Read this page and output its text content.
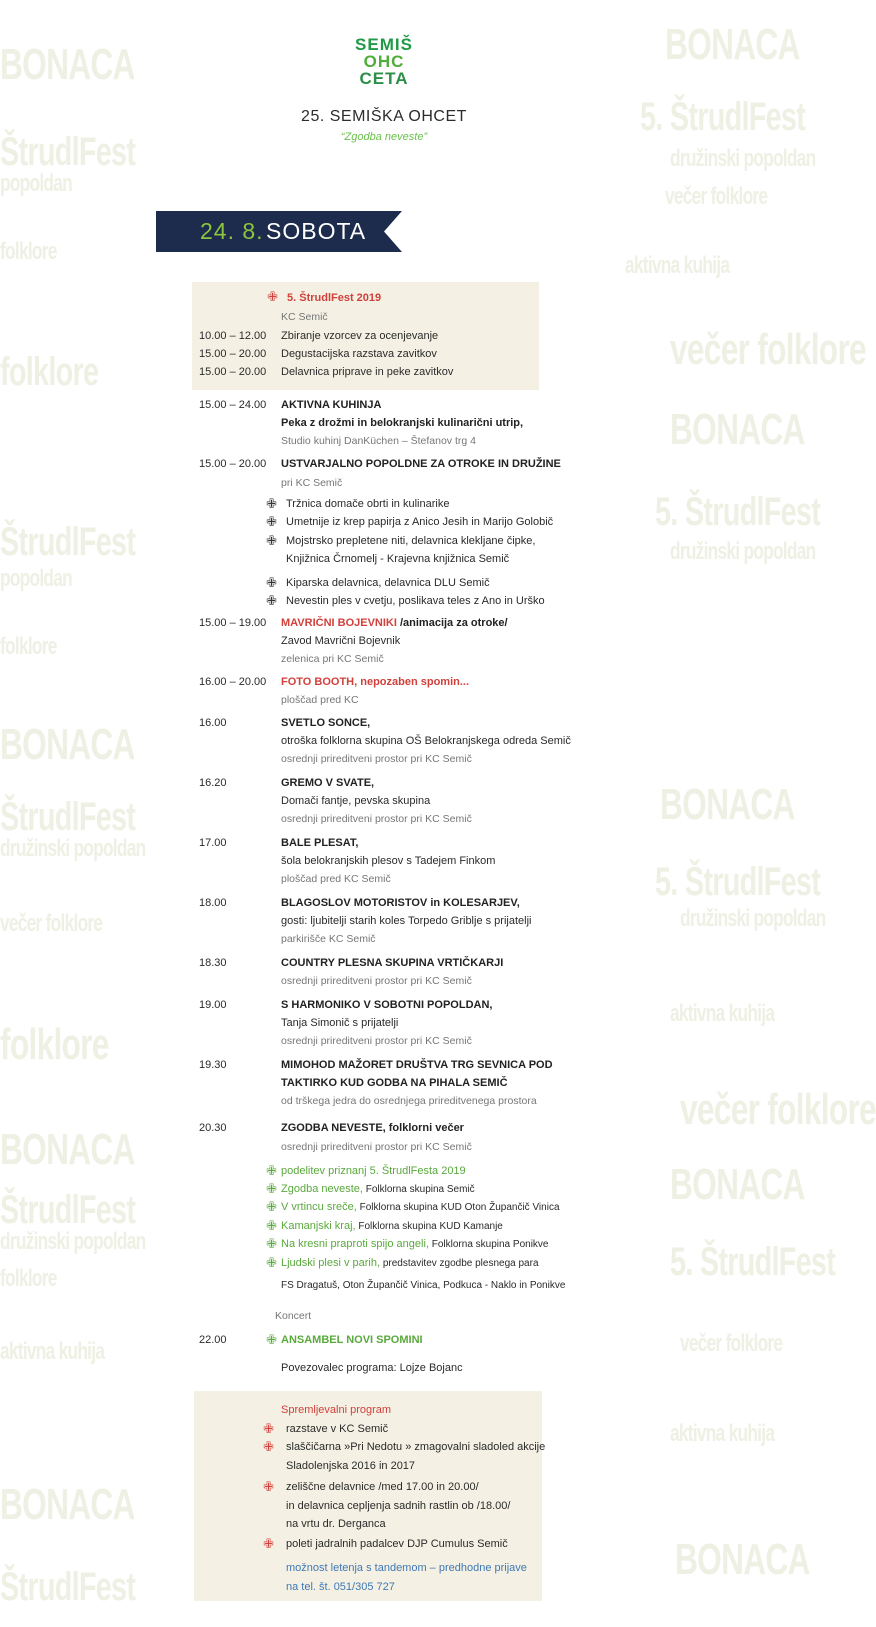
BONACA
5. ŠtrudlFest
družinski popoldan
večer folklore
aktivna kuhija
BONACA
ŠtrudlFest
popoldan
folklore
folklore	večer folklore
BONACA
5. ŠtrudlFest
družinski popoldan
ŠtrudlFest
popoldan
folklore
BONACA
ŠtrudlFest
družinski popoldan
večer folklore
folklore
BONACA
5. ŠtrudlFest
družinski popoldan
aktivna kuhija
večer folklore
BONACA
ŠtrudlFest
družinski popoldan
folklore
aktivna kuhija
BONACA
5. ŠtrudlFest
večer folklore
BONACA
ŠtrudlFest
aktivna kuhija
BONACA
SEMIŠ
OHC
CETA
25. SEMIŠKA OHCET
“Zgodba neveste”
24. 8. SOBOTA
✙ 5. ŠtrudlFest 2019
KC Semič
10.00 – 12.00 Zbiranje vzorcev za ocenjevanje
15.00 – 20.00 Degustacijska razstava zavitkov
15.00 – 20.00 Delavnica priprave in peke zavitkov
15.00 – 24.00 AKTIVNA KUHINJA
Peka z drožmi in belokranjski kulinarični utrip,
Studio kuhinj DanKüchen – Štefanov trg 4
15.00 – 20.00 USTVARJALNO POPOLDNE ZA OTROKE IN DRUŽINE
pri KC Semič
✙ Tržnica domače obrti in kulinarike
✙ Umetnije iz krep papirja z Anico Jesih in Marijo Golobič
✙ Mojstrsko prepletene niti, delavnica klekljane čipke,
Knjižnica Črnomelj - Krajevna knjižnica Semič
✙ Kiparska delavnica, delavnica DLU Semič
✙ Nevestin ples v cvetju, poslikava teles z Ano in Urško
15.00 – 19.00 MAVRIČNI BOJEVNIKI /animacija za otroke/
Zavod Mavrični Bojevnik
zelenica pri KC Semič
16.00 – 20.00 FOTO BOOTH, nepozaben spomin...
ploščad pred KC
16.00	SVETLO SONCE,
otroška folklorna skupina OŠ Belokranjskega odreda Semič
osrednji prireditveni prostor pri KC Semič
16.20	GREMO V SVATE,
Domači fantje, pevska skupina
osrednji prireditveni prostor pri KC Semič
17.00	BALE PLESAT,
šola belokranjskih plesov s Tadejem Finkom
ploščad pred KC Semič
18.00	BLAGOSLOV MOTORISTOV in KOLESARJEV,
gosti: ljubitelji starih koles Torpedo Gribljе s prijatelji
parkirišče KC Semič
18.30	COUNTRY PLESNA SKUPINA VRTIČKARJI
osrednji prireditveni prostor pri KC Semič
19.00	S HARMONIKO V SOBOTNI POPOLDAN,
Tanja Simonič s prijatelji
osrednji prireditveni prostor pri KC Semič
19.30	MIMOHOD MAŽORET DRUŠTVA TRG SEVNICA POD
TAKTIRKO KUD GODBA NA PIHALA SEMIČ
od trškega jedra do osrednjega prireditvenega prostora
20.30	ZGODBA NEVESTE, folklorni večer
osrednji prireditveni prostor pri KC Semič
✙ podelitev priznanj 5. ŠtrudlFesta 2019
✙ Zgodba neveste, Folklorna skupina Semič
✙ V vrtincu sreče, Folklorna skupina KUD Oton Župančič Vinica
✙ Kamanjski kraj, Folklorna skupina KUD Kamanje
✙ Na kresni praproti spijo angeli, Folklorna skupina Ponikve
✙ Ljudski plesi v parih, predstavitev zgodbe plesnega para
FS Dragatuš, Oton Župančič Vinica, Podkuca - Naklo in Ponikve
Koncert
22.00	✙ ANSAMBEL NOVI SPOMINI
Povezovalec programa: Lojze Bojanc
Spremljevalni program
✙ razstave v KC Semič
✙ slaščičarna »Pri Nedotu » zmagovalni sladoled akcije
Sladolenjska 2016 in 2017
✙ zeliščne delavnice /med 17.00 in 20.00/
in delavnica cepljenja sadnih rastlin ob /18.00/
na vrtu dr. Derganca
✙ poleti jadralnih padalcev DJP Cumulus Semič
možnost letenja s tandemom – predhodne prijave
na tel. št. 051/305 727
